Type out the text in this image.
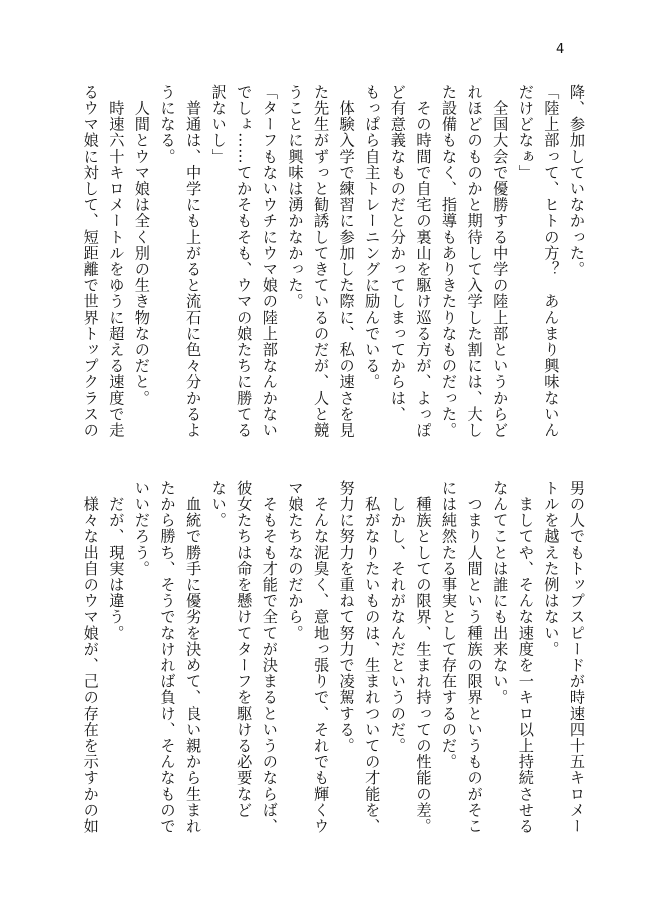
4
降、参加していなかった。
「陸上部って、ヒトの方？　あんまり興味ないん
だけどなぁ」
　全国大会で優勝する中学の陸上部というからど
れほどのものかと期待して入学した割には、大し
た設備もなく、指導もありきたりなものだった。
　その時間で自宅の裏山を駆け巡る方が、よっぽ
ど有意義なものだと分かってしまってからは、
もっぱら自主トレーニングに励んでいる。
　体験入学で練習に参加した際に、私の速さを見
た先生がずっと勧誘してきているのだが、人と競
うことに興味は湧かなかった。
「ターフもないウチにウマ娘の陸上部なんかない
でしょ……てかそもそも、ウマの娘たちに勝てる
訳ないし」
　普通は、中学にも上がると流石に色々分かるよ
うになる。
　人間とウマ娘は全く別の生き物なのだと。
　時速六十キロメートルをゆうに超える速度で走
るウマ娘に対して、短距離で世界トップクラスの
男の人でもトップスピードが時速四十五キロメー
トルを越えた例はない。
　ましてや、そんな速度を一キロ以上持続させる
なんてことは誰にも出来ない。
　つまり人間という種族の限界というものがそこ
には純然たる事実として存在するのだ。
　種族としての限界、生まれ持っての性能の差。
　しかし、それがなんだというのだ。
　私がなりたいものは、生まれついての才能を、
努力に努力を重ねて努力で凌駕する。
　そんな泥臭く、意地っ張りで、それでも輝くウ
マ娘たちなのだから。
　そもそも才能で全てが決まるというのならば、
彼女たちは命を懸けてターフを駆ける必要など
ない。
　血統で勝手に優劣を決めて、良い親から生まれ
たから勝ち、そうでなければ負け、そんなもので
いいだろう。
　だが、現実は違う。
　様々な出自のウマ娘が、己の存在を示すかの如
